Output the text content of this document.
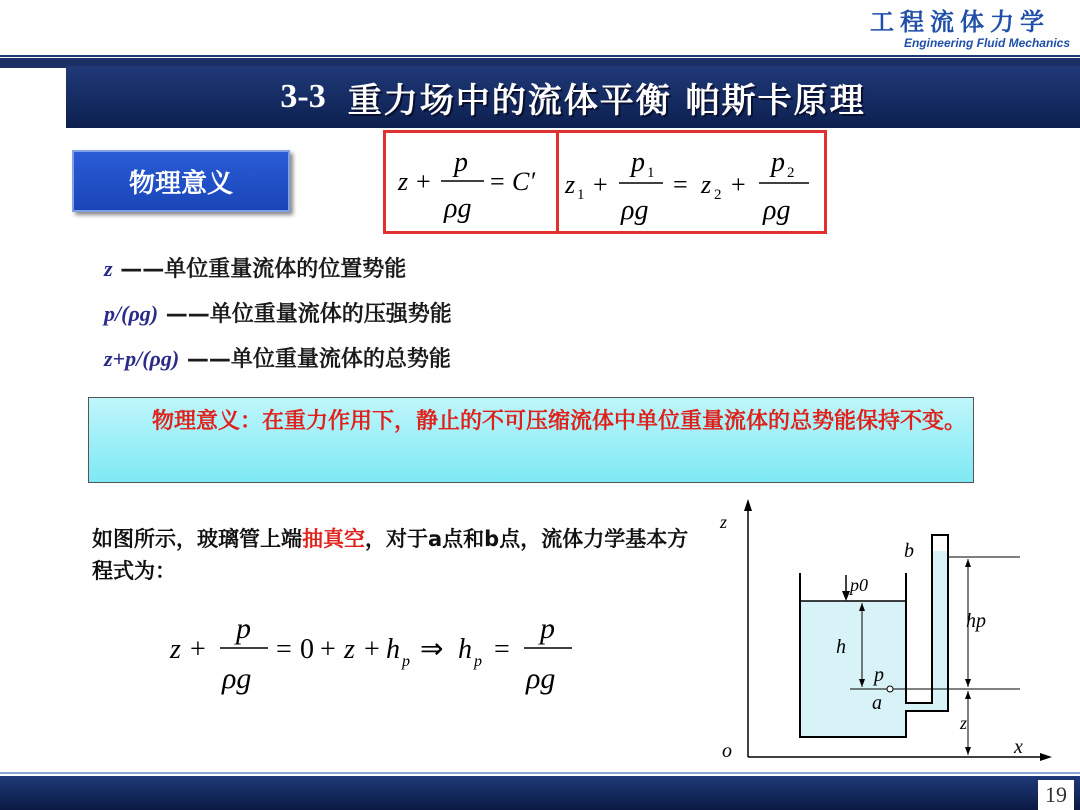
工程流体力学
Engineering Fluid Mechanics
3-3 重力场中的流体平衡 帕斯卡原理
物理意义	z +
p
ρg
= C′ z 1 +
p 1
ρg
= z 2 +
p 2
ρg
z ——单位重量流体的位置势能
p/(ρg) ——单位重量流体的压强势能
z+p/(ρg) ——单位重量流体的总势能
物理意义：在重力作用下，静止的不可压缩流体中单位重量流体的总势能保持不变。
如图所示，玻璃管上端抽真空，对于a点和b点，流体力学基本方程式为：
z +
p
ρg
= 0 + z + h p ⇒ h p =
p
ρg
z
x
o
p0
h
p
a
b
hp
z
19
